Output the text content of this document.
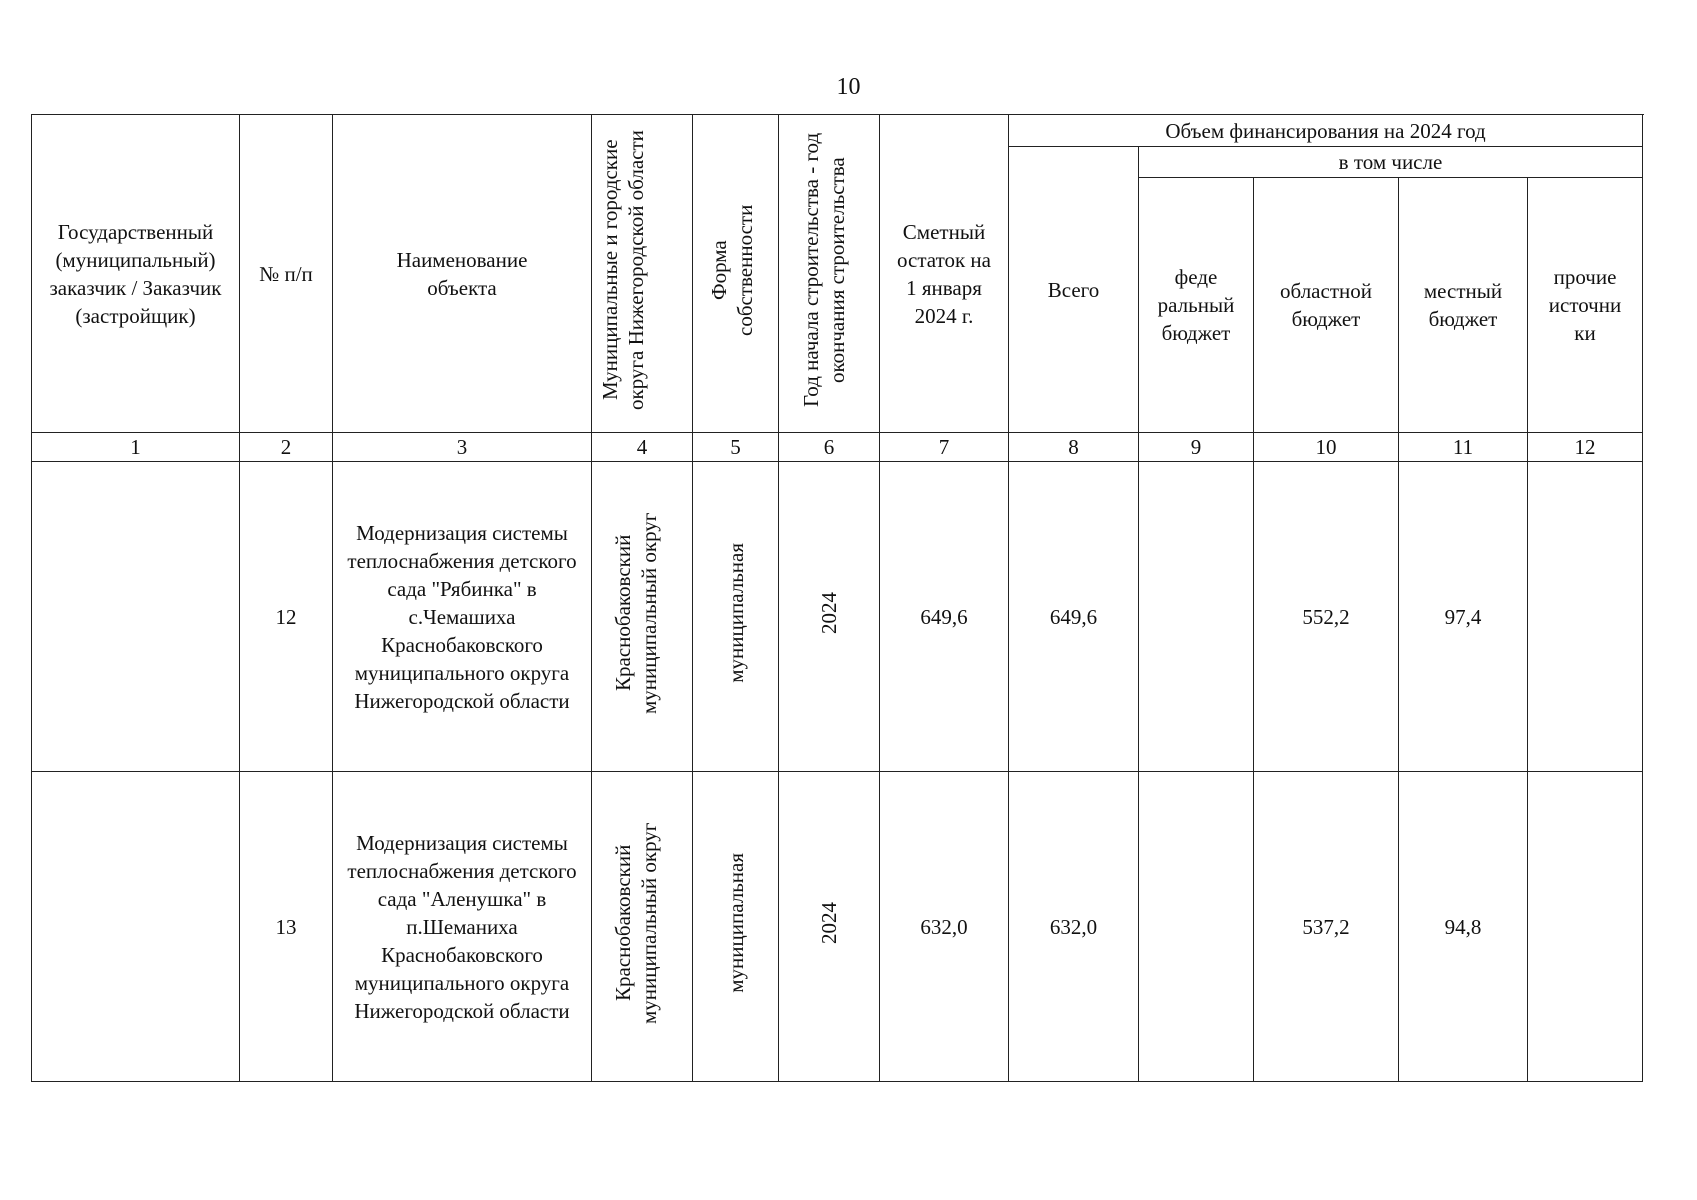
10
Государственный (муниципальный) заказчик / Заказчик (застройщик)	№ п/п	Наименование объекта	Муниципальные и городские округа Нижегородской области	Форма собственности	Год начала строительства - год окончания строительства	Сметный остаток на 1 января 2024 г.	Объем финансирования на 2024 год				
							Всего	в том числе			
								феде ральный бюджет	областной бюджет	местный бюджет	прочие источни ки
1	2	3	4	5	6	7	8	9	10	11	12
	12	Модернизация системы теплоснабжения детского сада "Рябинка" в с.Чемашиха Краснобаковского муниципального округа Нижегородской области	Краснобаковский муниципальный округ	муниципальная	2024	649,6	649,6		552,2	97,4	
	13	Модернизация системы теплоснабжения детского сада "Аленушка" в п.Шеманиха Краснобаковского муниципального округа Нижегородской области	Краснобаковский муниципальный округ	муниципальная	2024	632,0	632,0		537,2	94,8	
